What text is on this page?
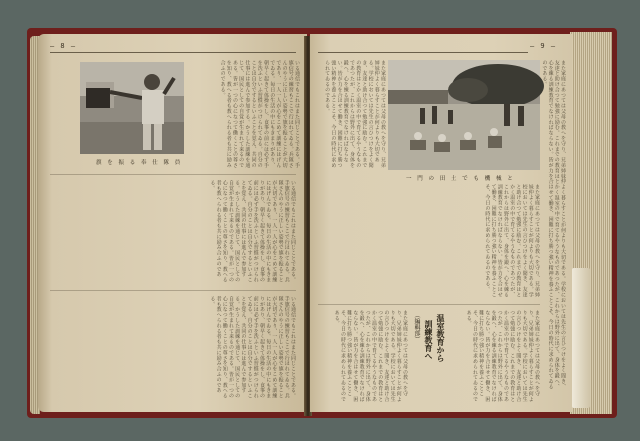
— 8 —
旗 を 振 る 奉 仕 隊 員	いる通信でもこれはまた同じことである。手旗信号の練習もここで行はれてゐる。兵隊さんのやうに正しい姿勢で旗を振ることが大切であり、一人一人が心をこめて訓練にはげんでゐる。毎日の生活の中にもきまりがあり、朝早く起きて体操をし、食事の前には必ず手を洗ふといふ習慣がつけられてゐる。自分のことは自分でするといふことを覚え、共同の仕事には進んで参加する。かうした訓練を通じて、国民としての自覚が生まれて来るのである。皆が一つの心になつて働くことの尊さを知り、教へる者も教へられる者も共に励み合ふのである。
いる通信でもこれはまた同じことである。手旗信号の練習もここで行はれてゐる。兵隊さんのやうに正しい姿勢で旗を振ることが大切であり、一人一人が心をこめて訓練にはげんでゐる。毎日の生活の中にもきまりがあり、朝早く起きて体操をし、食事の前には必ず手を洗ふといふ習慣がつけられてゐる。自分のことは自分でするといふことを覚え、共同の仕事には進んで参加する。かうした訓練を通じて、国民としての自覚が生まれて来るのである。皆が一つの心になつて働くことの尊さを知り、教へる者も教へられる者も共に励み合ふのである。
いる通信でもこれはまた同じことである。手旗信号の練習もここで行はれてゐる。兵隊さんのやうに正しい姿勢で旗を振ることが大切であり、一人一人が心をこめて訓練にはげんでゐる。毎日の生活の中にもきまりがあり、朝早く起きて体操をし、食事の前には必ず手を洗ふといふ習慣がつけられてゐる。自分のことは自分でするといふことを覚え、共同の仕事には進んで参加する。かうした訓練を通じて、国民としての自覚が生まれて来るのである。皆が一つの心になつて働くことの尊さを知り、教へる者も教へられる者も共に励み合ふのである。
— 9 —
また家庭にあつては父母の教へを守り、兄弟姉妹仲よく暮らすことが何よりも大切である。学校においては先生の言ひつけをよく聞き、友達と助け合つて勉強に励む。これまでの教育はとかく温室の中で育てるやうなものであつたが、これからは野外に出て、身体を鍛へ、心を練る訓練教育でなければならない。皆が力を合はせて働き、困難に打ち勝つ強い精神を養ふことこそ、今日の時代に求められてゐるのである。
一 門 の 田 土 で も 機 械 と	また家庭にあつては父母の教へを守り、兄弟姉妹仲よく暮らすことが何よりも大切である。学校においては先生の言ひつけをよく聞き、友達と助け合つて勉強に励む。これまでの教育はとかく温室の中で育てるやうなものであつたが、これからは野外に出て、身体を鍛へ、心を練る訓練教育でなければならない。皆が力を合はせて働き、困難に打ち勝つ強い精神を養ふことこそ、今日の時代に求められてゐるのである。
また家庭にあつては父母の教へを守り、兄弟姉妹仲よく暮らすことが何よりも大切である。学校においては先生の言ひつけをよく聞き、友達と助け合つて勉強に励む。これまでの教育はとかく温室の中で育てるやうなものであつたが、これからは野外に出て、身体を鍛へ、心を練る訓練教育でなければならない。皆が力を合はせて働き、困難に打ち勝つ強い精神を養ふことこそ、今日の時代に求められてゐるのである。
また家庭にあつては父母の教へを守り、兄弟姉妹仲よく暮らすことが何よりも大切である。学校においては先生の言ひつけをよく聞き、友達と助け合つて勉強に励む。これまでの教育はとかく温室の中で育てるやうなものであつたが、これからは野外に出て、身体を鍛へ、心を練る訓練教育でなければならない。皆が力を合はせて働き、困難に打ち勝つ強い精神を養ふことこそ、今日の時代に求められてゐるのである。	（編輯部） 訓練教育へ 温室教育から	また家庭にあつては父母の教へを守り、兄弟姉妹仲よく暮らすことが何よりも大切である。学校においては先生の言ひつけをよく聞き、友達と助け合つて勉強に励む。これまでの教育はとかく温室の中で育てるやうなものであつたが、これからは野外に出て、身体を鍛へ、心を練る訓練教育でなければならない。皆が力を合はせて働き、困難に打ち勝つ強い精神を養ふことこそ、今日の時代に求められてゐるのである。
